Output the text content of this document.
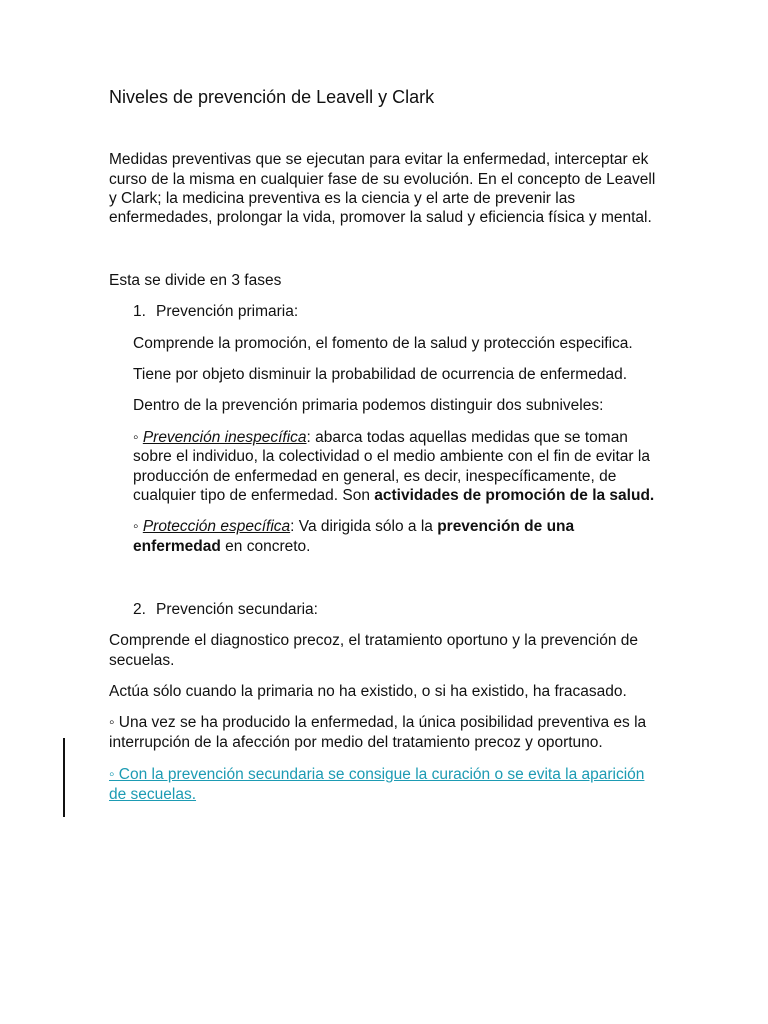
Niveles de prevención de Leavell y Clark
Medidas preventivas que se ejecutan para evitar la enfermedad, interceptar ek
curso de la misma en cualquier fase de su evolución. En el concepto de Leavell
y Clark; la medicina preventiva es la ciencia y el arte de prevenir las
enfermedades, prolongar la vida, promover la salud y eficiencia física y mental.
Esta se divide en 3 fases
1. Prevención primaria:
Comprende la promoción, el fomento de la salud y protección especifica.
Tiene por objeto disminuir la probabilidad de ocurrencia de enfermedad.
Dentro de la prevención primaria podemos distinguir dos subniveles:
◦ Prevención inespecífica: abarca todas aquellas medidas que se toman
sobre el individuo, la colectividad o el medio ambiente con el fin de evitar la
producción de enfermedad en general, es decir, inespecíficamente, de
cualquier tipo de enfermedad. Son actividades de promoción de la salud.
◦ Protección específica: Va dirigida sólo a la prevención de una
enfermedad en concreto.
2. Prevención secundaria:
Comprende el diagnostico precoz, el tratamiento oportuno y la prevención de
secuelas.
Actúa sólo cuando la primaria no ha existido, o si ha existido, ha fracasado.
◦ Una vez se ha producido la enfermedad, la única posibilidad preventiva es la
interrupción de la afección por medio del tratamiento precoz y oportuno.
◦ Con la prevención secundaria se consigue la curación o se evita la aparición
de secuelas.
